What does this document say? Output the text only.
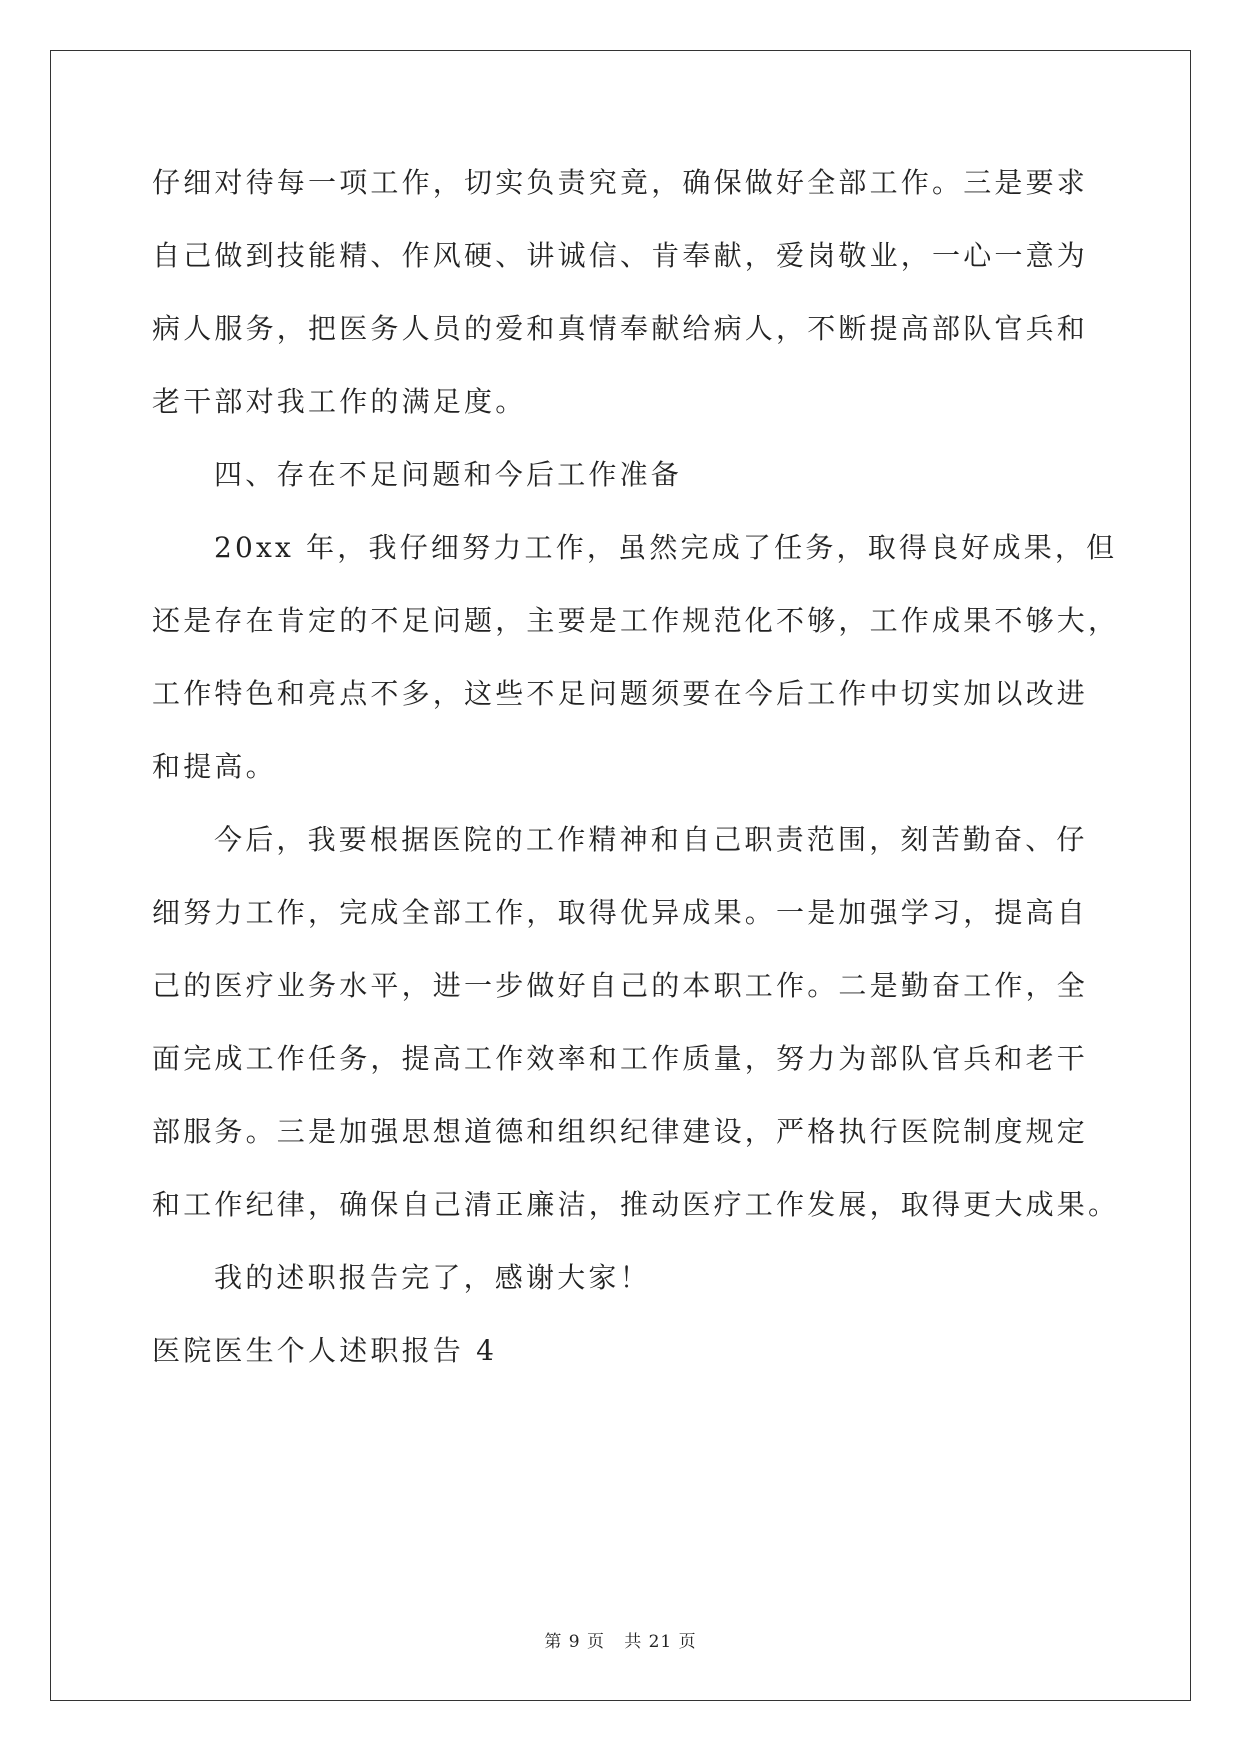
仔细对待每一项工作，切实负责究竟，确保做好全部工作。三是要求
自己做到技能精、作风硬、讲诚信、肯奉献，爱岗敬业，一心一意为
病人服务，把医务人员的爱和真情奉献给病人，不断提高部队官兵和
老干部对我工作的满足度。
四、存在不足问题和今后工作准备
20xx 年，我仔细努力工作，虽然完成了任务，取得良好成果，但
还是存在肯定的不足问题，主要是工作规范化不够，工作成果不够大，
工作特色和亮点不多，这些不足问题须要在今后工作中切实加以改进
和提高。
今后，我要根据医院的工作精神和自己职责范围，刻苦勤奋、仔
细努力工作，完成全部工作，取得优异成果。一是加强学习，提高自
己的医疗业务水平，进一步做好自己的本职工作。二是勤奋工作，全
面完成工作任务，提高工作效率和工作质量，努力为部队官兵和老干
部服务。三是加强思想道德和组织纪律建设，严格执行医院制度规定
和工作纪律，确保自己清正廉洁，推动医疗工作发展，取得更大成果。
我的述职报告完了，感谢大家！
医院医生个人述职报告 4
第 9 页   共 21 页
